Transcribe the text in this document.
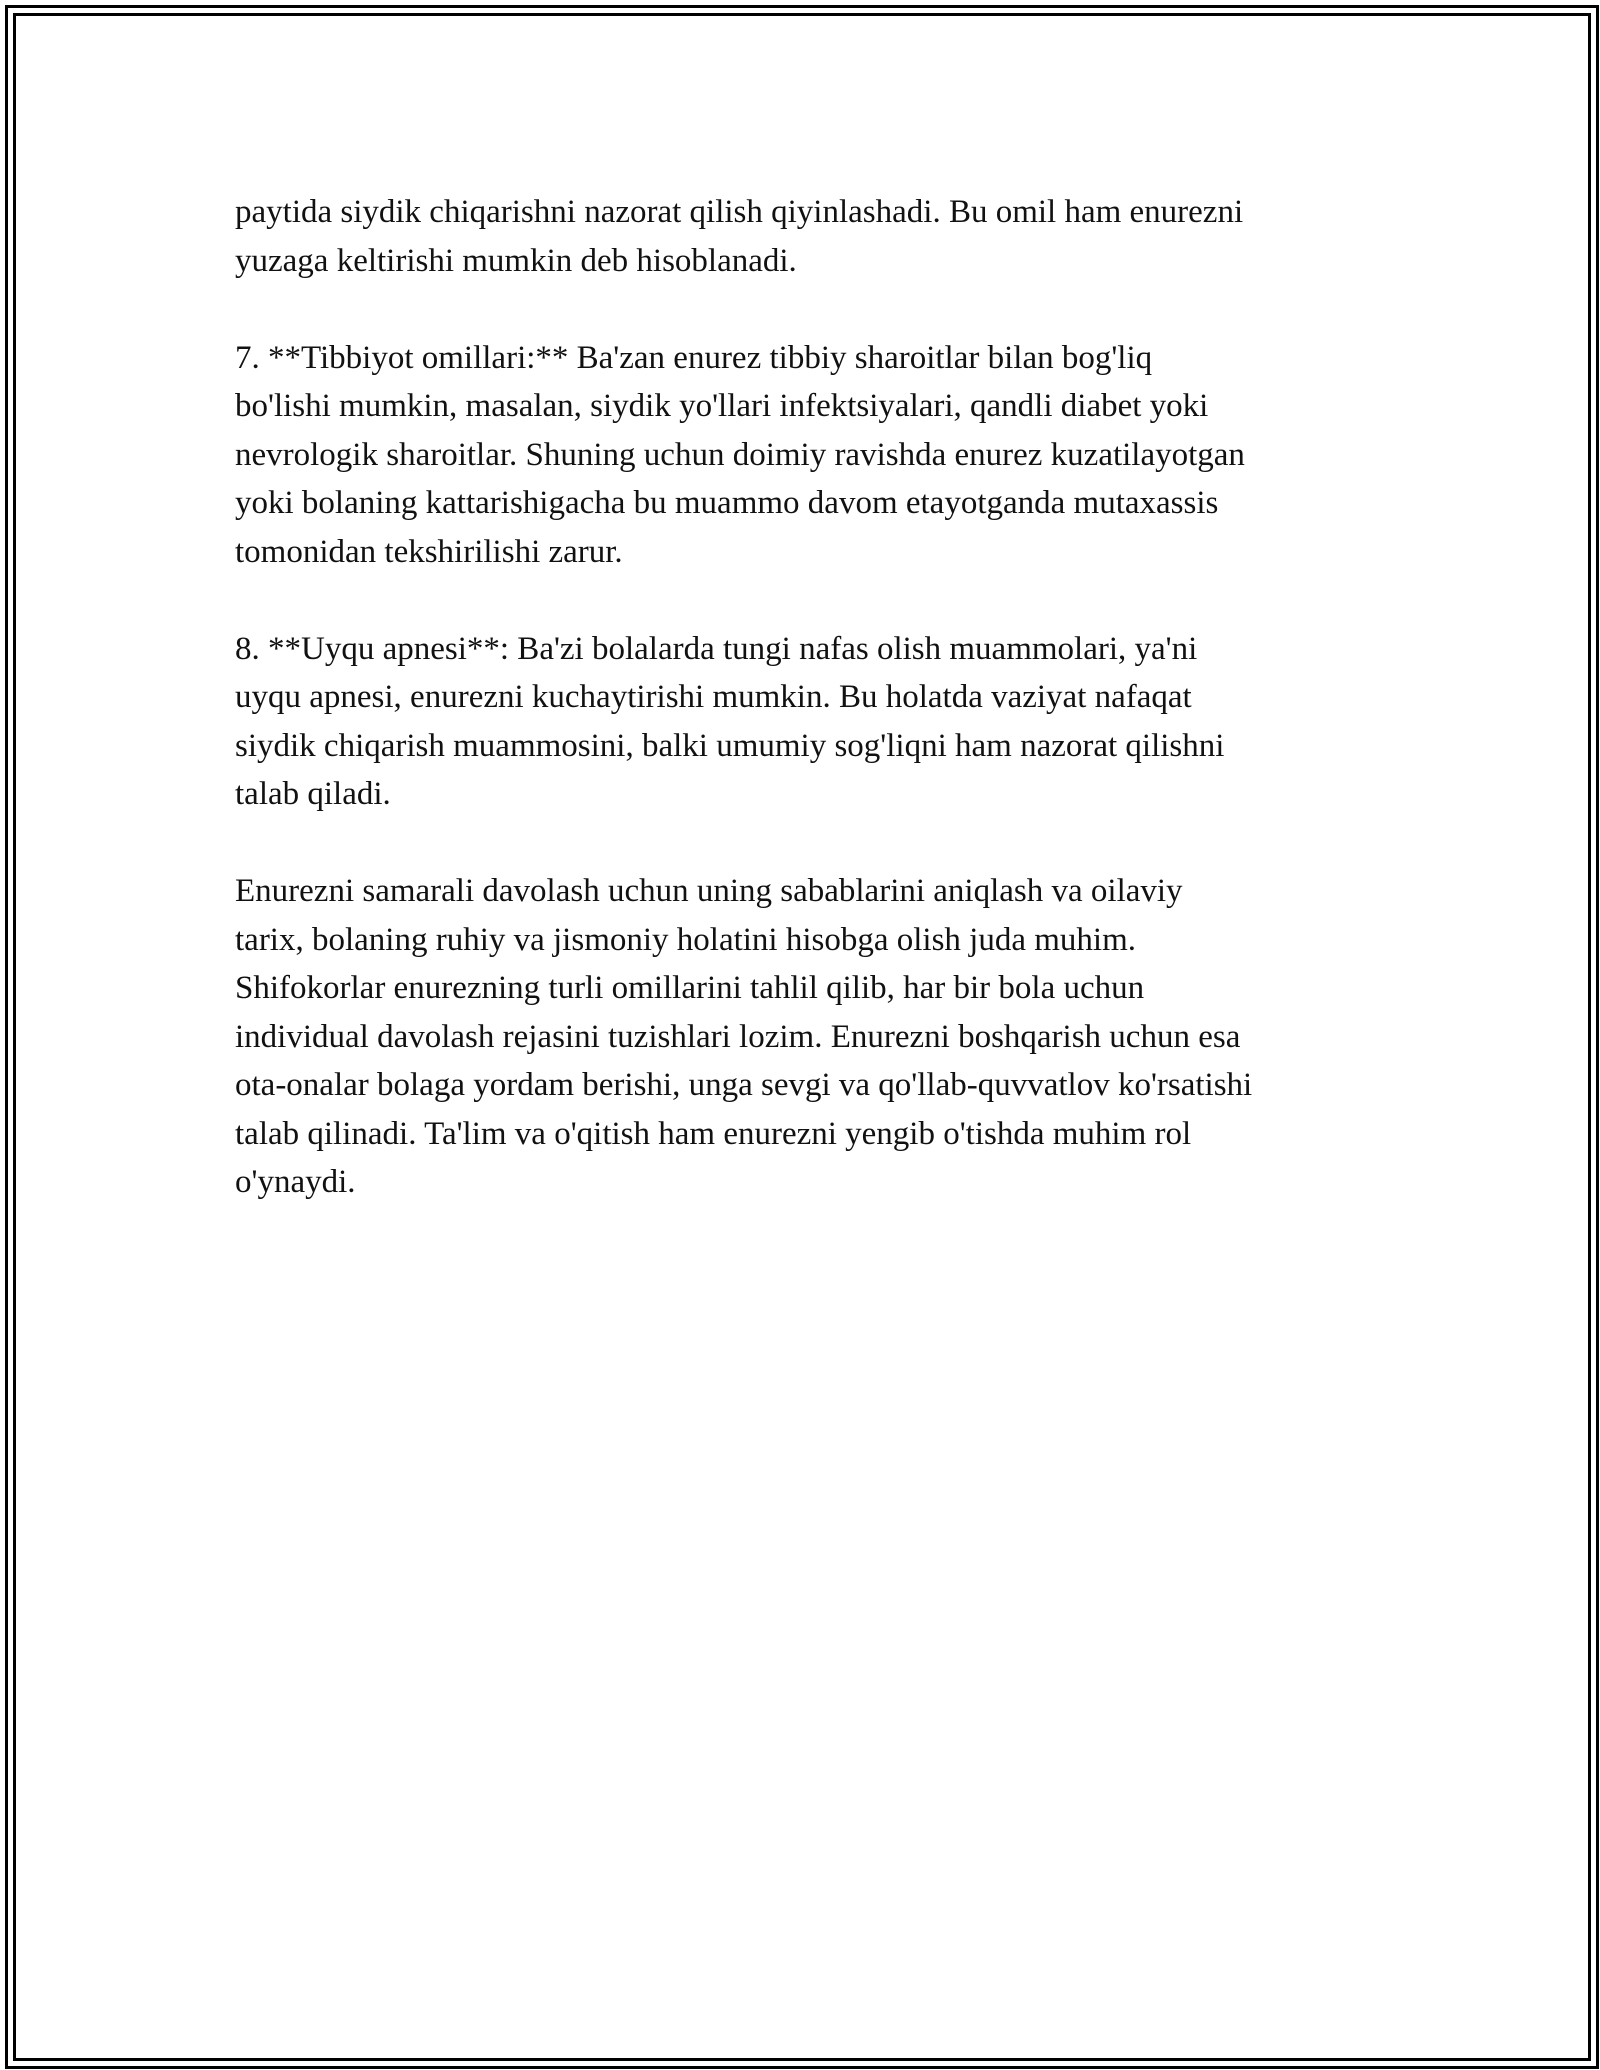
paytida siydik chiqarishni nazorat qilish qiyinlashadi. Bu omil ham enurezni
yuzaga keltirishi mumkin deb hisoblanadi.

7. **Tibbiyot omillari:** Ba'zan enurez tibbiy sharoitlar bilan bog'liq
bo'lishi mumkin, masalan, siydik yo'llari infektsiyalari, qandli diabet yoki
nevrologik sharoitlar. Shuning uchun doimiy ravishda enurez kuzatilayotgan
yoki bolaning kattarishigacha bu muammo davom etayotganda mutaxassis
tomonidan tekshirilishi zarur.

8. **Uyqu apnesi**: Ba'zi bolalarda tungi nafas olish muammolari, ya'ni
uyqu apnesi, enurezni kuchaytirishi mumkin. Bu holatda vaziyat nafaqat
siydik chiqarish muammosini, balki umumiy sog'liqni ham nazorat qilishni
talab qiladi.

Enurezni samarali davolash uchun uning sabablarini aniqlash va oilaviy
tarix, bolaning ruhiy va jismoniy holatini hisobga olish juda muhim.
Shifokorlar enurezning turli omillarini tahlil qilib, har bir bola uchun
individual davolash rejasini tuzishlari lozim. Enurezni boshqarish uchun esa
ota-onalar bolaga yordam berishi, unga sevgi va qo'llab-quvvatlov ko'rsatishi
talab qilinadi. Ta'lim va o'qitish ham enurezni yengib o'tishda muhim rol
o'ynaydi.
